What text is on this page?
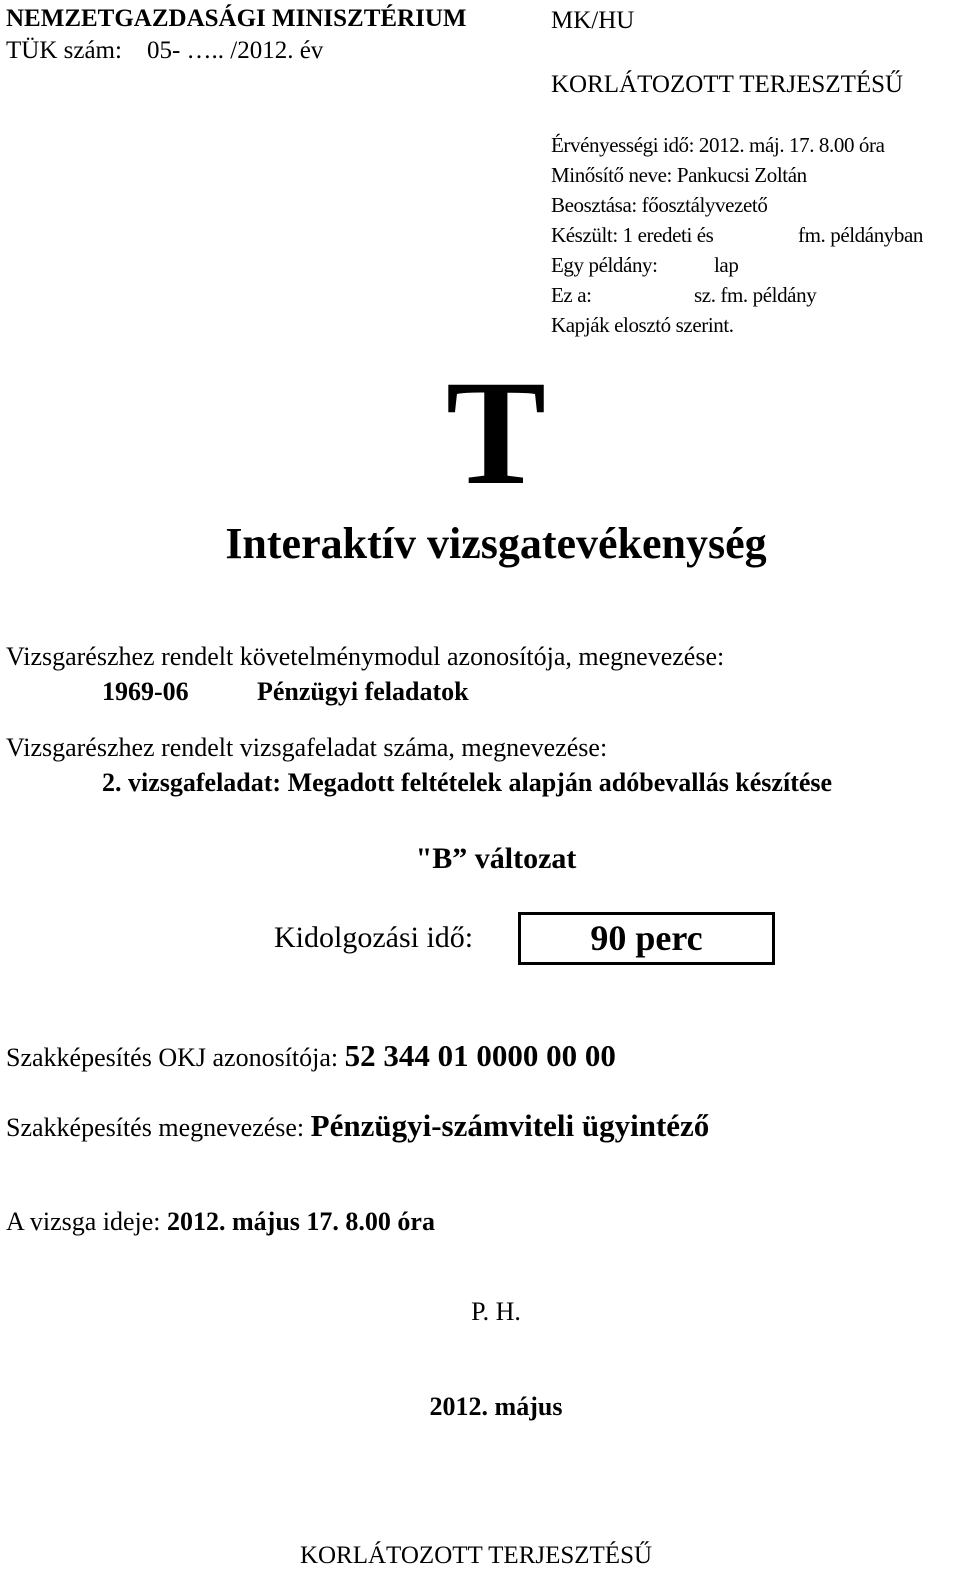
NEMZETGAZDASÁGI MINISZTÉRIUM
TÜK szám:    05- ….. /2012. év
MK/HU
KORLÁTOZOTT TERJESZTÉSŰ
Érvényességi idő: 2012. máj. 17. 8.00 óra
Minősítő neve: Pankucsi Zoltán
Beosztása: főosztályvezető
Készült: 1 eredeti és	fm. példányban
Egy példány:	lap
Ez a:	sz. fm. példány
Kapják elosztó szerint.
T
Interaktív vizsgatevékenység
Vizsgarészhez rendelt követelménymodul azonosítója, megnevezése:
1969-06	Pénzügyi feladatok
Vizsgarészhez rendelt vizsgafeladat száma, megnevezése:
2. vizsgafeladat: Megadott feltételek alapján adóbevallás készítése
"B” változat
Kidolgozási idő:	90 perc
Szakképesítés OKJ azonosítója: 52 344 01 0000 00 00
Szakképesítés megnevezése: Pénzügyi-számviteli ügyintéző
A vizsga ideje: 2012. május 17. 8.00 óra
P. H.
2012. május
KORLÁTOZOTT TERJESZTÉSŰ
